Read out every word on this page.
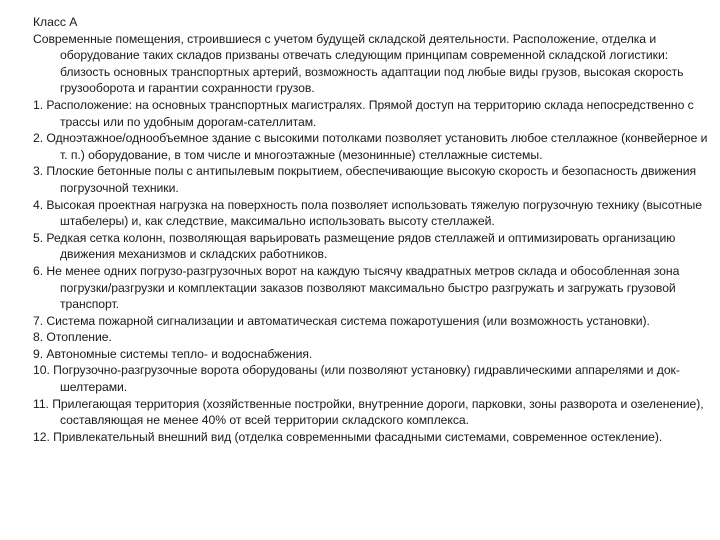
Класс A

Современные помещения, строившиеся с учетом будущей складской деятельности. Расположение, отделка и оборудование таких складов призваны отвечать следующим принципам современной складской логистики: близость основных транспортных артерий, возможность адаптации под любые виды грузов, высокая скорость грузооборота и гарантии сохранности грузов.

1. Расположение: на основных транспортных магистралях. Прямой доступ на территорию склада непосредственно с трассы или по удобным дорогам-сателлитам.

2. Одноэтажное/однообъемное здание с высокими потолками позволяет установить любое стеллажное (конвейерное и т. п.) оборудование, в том числе и многоэтажные (мезонинные) стеллажные системы.

3. Плоские бетонные полы с антипылевым покрытием, обеспечивающие высокую скорость и безопасность движения погрузочной техники.

4. Высокая проектная нагрузка на поверхность пола позволяет использовать тяжелую погрузочную технику (высотные штабелеры) и, как следствие, максимально использовать высоту стеллажей.

5. Редкая сетка колонн, позволяющая варьировать размещение рядов стеллажей и оптимизировать организацию движения механизмов и складских работников.

6. Не менее одних погрузо-разгрузочных ворот на каждую тысячу квадратных метров склада и обособленная зона погрузки/разгрузки и комплектации заказов позволяют максимально быстро разгружать и загружать грузовой транспорт.

7. Система пожарной сигнализации и автоматическая система пожаротушения (или возможность установки).

8. Отопление.

9. Автономные системы тепло- и водоснабжения.

10. Погрузочно-разгрузочные ворота оборудованы (или позволяют установку) гидравлическими аппарелями и док-шелтерами.

11. Прилегающая территория (хозяйственные постройки, внутренние дороги, парковки, зоны разворота и озеленение), составляющая не менее 40% от всей территории складского комплекса.

12. Привлекательный внешний вид (отделка современными фасадными системами, современное остекление).
